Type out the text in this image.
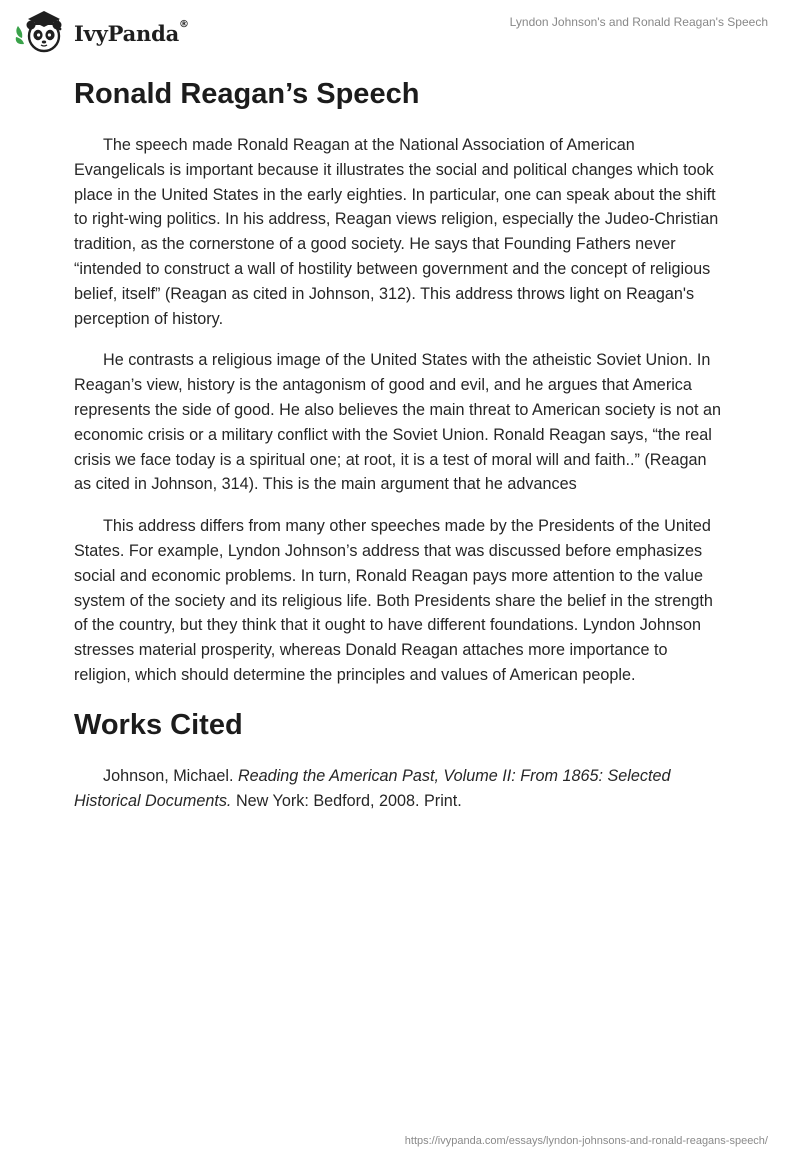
IvyPanda®	Lyndon Johnson's and Ronald Reagan's Speech
Ronald Reagan’s Speech

The speech made Ronald Reagan at the National Association of American Evangelicals is important because it illustrates the social and political changes which took place in the United States in the early eighties. In particular, one can speak about the shift to right-wing politics. In his address, Reagan views religion, especially the Judeo-Christian tradition, as the cornerstone of a good society. He says that Founding Fathers never “intended to construct a wall of hostility between government and the concept of religious belief, itself” (Reagan as cited in Johnson, 312). This address throws light on Reagan's perception of history.

He contrasts a religious image of the United States with the atheistic Soviet Union. In Reagan’s view, history is the antagonism of good and evil, and he argues that America represents the side of good. He also believes the main threat to American society is not an economic crisis or a military conflict with the Soviet Union. Ronald Reagan says, “the real crisis we face today is a spiritual one; at root, it is a test of moral will and faith..” (Reagan as cited in Johnson, 314). This is the main argument that he advances

This address differs from many other speeches made by the Presidents of the United States. For example, Lyndon Johnson’s address that was discussed before emphasizes social and economic problems. In turn, Ronald Reagan pays more attention to the value system of the society and its religious life. Both Presidents share the belief in the strength of the country, but they think that it ought to have different foundations. Lyndon Johnson stresses material prosperity, whereas Donald Reagan attaches more importance to religion, which should determine the principles and values of American people.

Works Cited
Johnson, Michael. Reading the American Past, Volume II: From 1865: Selected Historical Documents. New York: Bedford, 2008. Print.
https://ivypanda.com/essays/lyndon-johnsons-and-ronald-reagans-speech/
